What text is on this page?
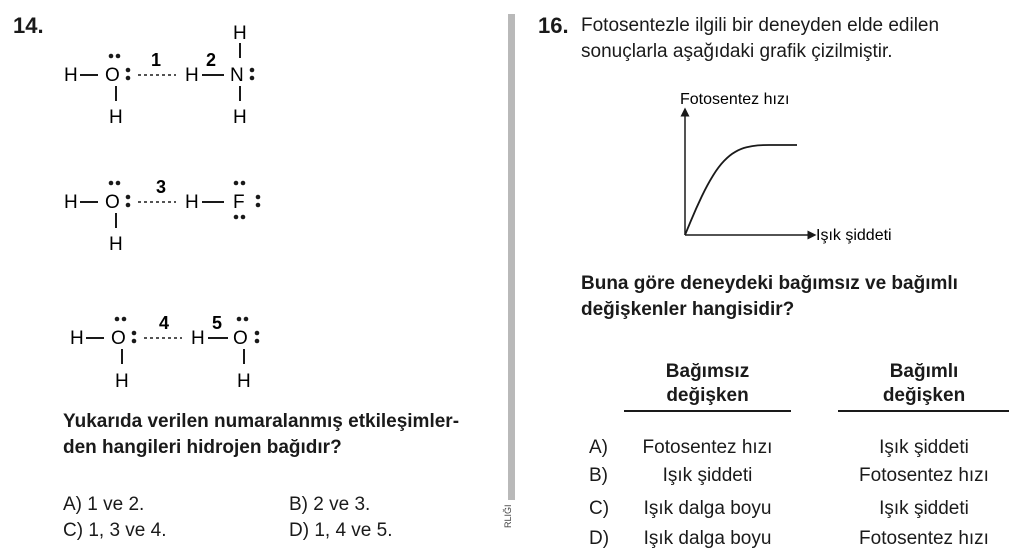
14.
H O
H
1
H
2
N
H
H
H O
H
3
H F
H O
H
4
H
5
O
H
Yukarıda verilen numaralanmış etkileşimler-
den hangileri hidrojen bağıdır?
A) 1 ve 2.	B) 2 ve 3.
C) 1, 3 ve 4.	D) 1, 4 ve 5.
RLIĞI
16. Fotosentezle ilgili bir deneyden elde edilen
sonuçlarla aşağıdaki grafik çizilmiştir.
Fotosentez hızı
Işık şiddeti
Buna göre deneydeki bağımsız ve bağımlı
değişkenler hangisidir?
Bağımsız
değişken
Bağımlı
değişken
A)	Fotosentez hızı	Işık şiddeti
B)	Işık şiddeti	Fotosentez hızı
C)	Işık dalga boyu	Işık şiddeti
D)	Işık dalga boyu	Fotosentez hızı
